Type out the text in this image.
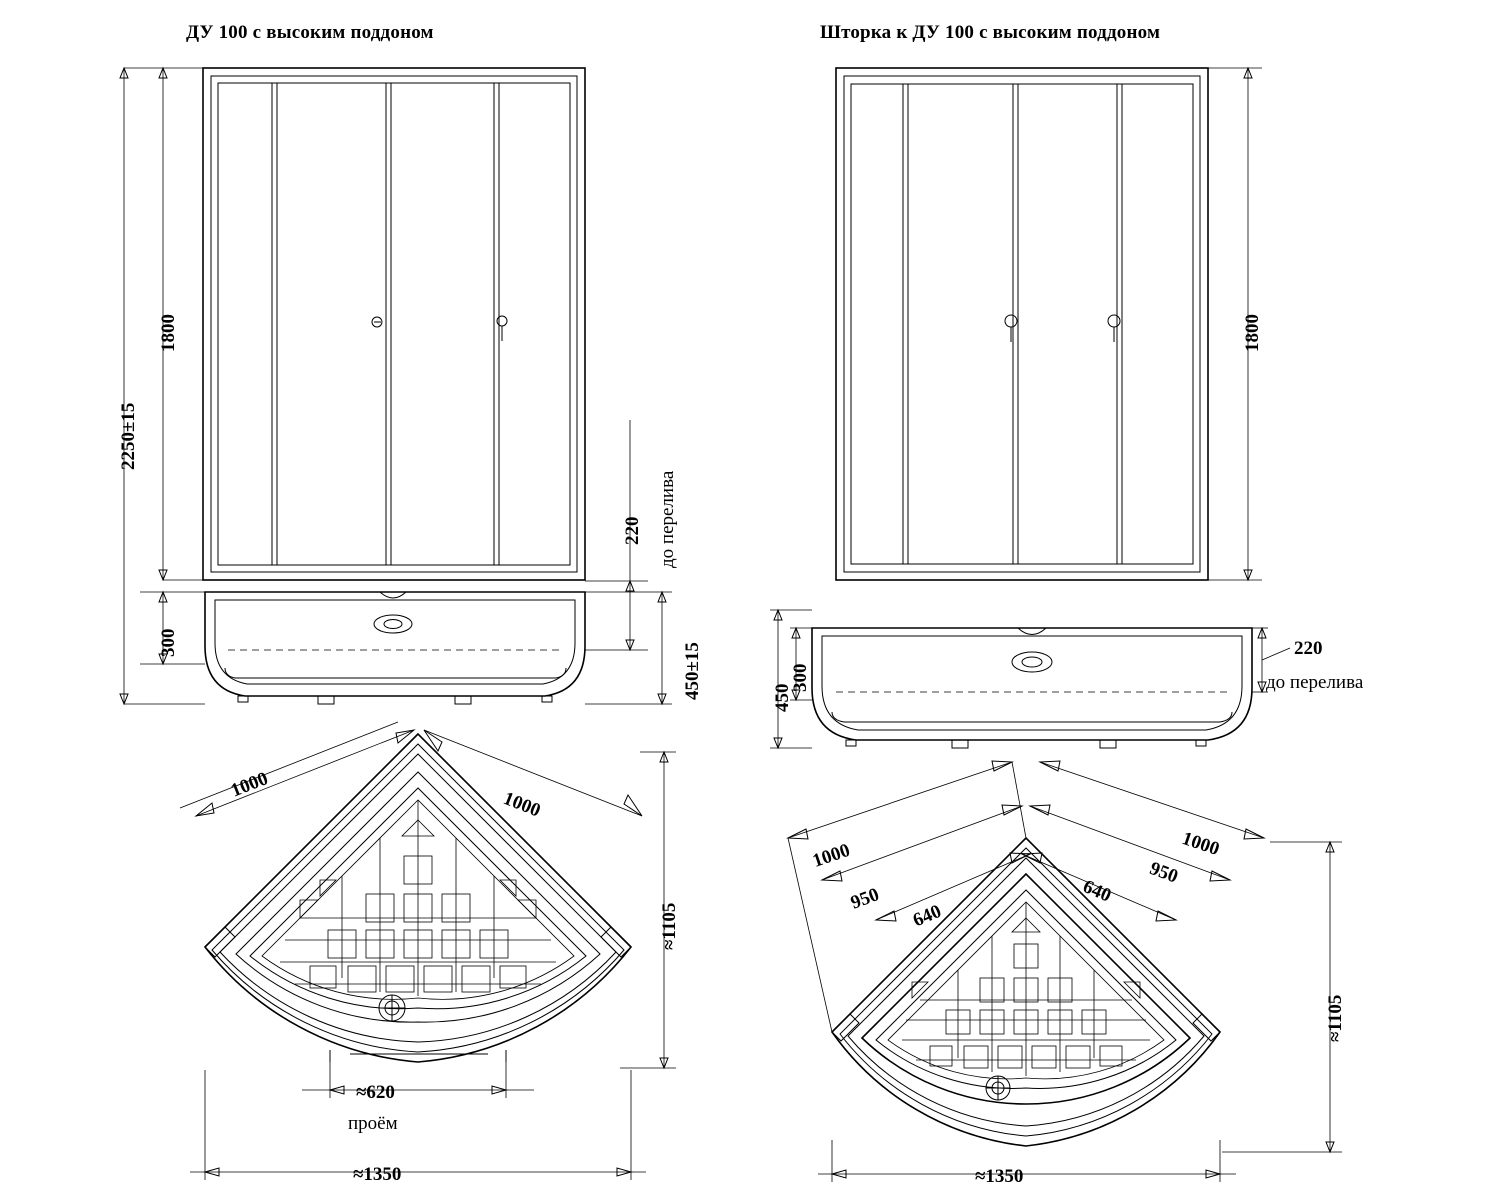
ДУ 100 с высоким поддоном	Шторка к ДУ 100 с высоким поддоном
2250±15
1800
300
220 до перелива
450±15
1000
1000
≈1105
≈620
проём
≈1350
1800
450
300
220
до перелива
1000
950
640
1000
950
640
≈1105
≈1350
